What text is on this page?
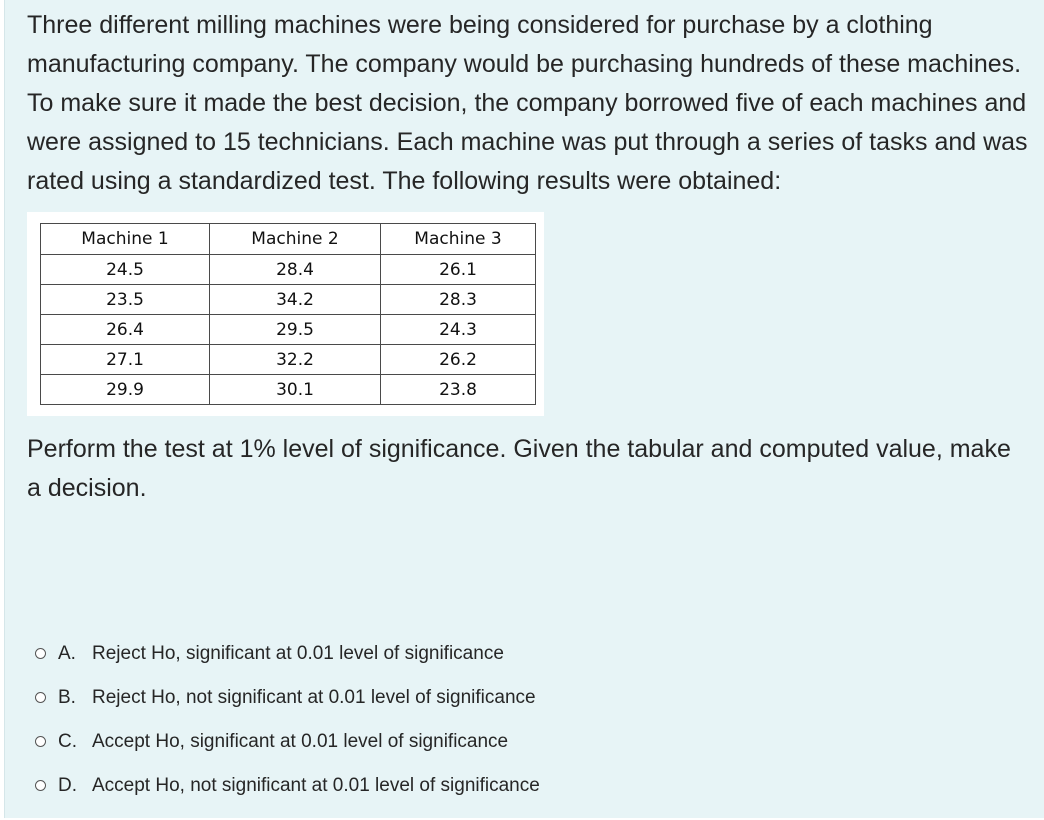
Three different milling machines were being considered for purchase by a clothing manufacturing company. The company would be purchasing hundreds of these machines. To make sure it made the best decision, the company borrowed five of each machines and were assigned to 15 technicians. Each machine was put through a series of tasks and was rated using a standardized test. The following results were obtained:

Machine 1	Machine 2	Machine 3
24.5	28.4	26.1
23.5	34.2	28.3
26.4	29.5	24.3
27.1	32.2	26.2
29.9	30.1	23.8

Perform the test at 1% level of significance. Given the tabular and computed value, make a decision.

A. Reject Ho, significant at 0.01 level of significance
B. Reject Ho, not significant at 0.01 level of significance
C. Accept Ho, significant at 0.01 level of significance
D. Accept Ho, not significant at 0.01 level of significance
